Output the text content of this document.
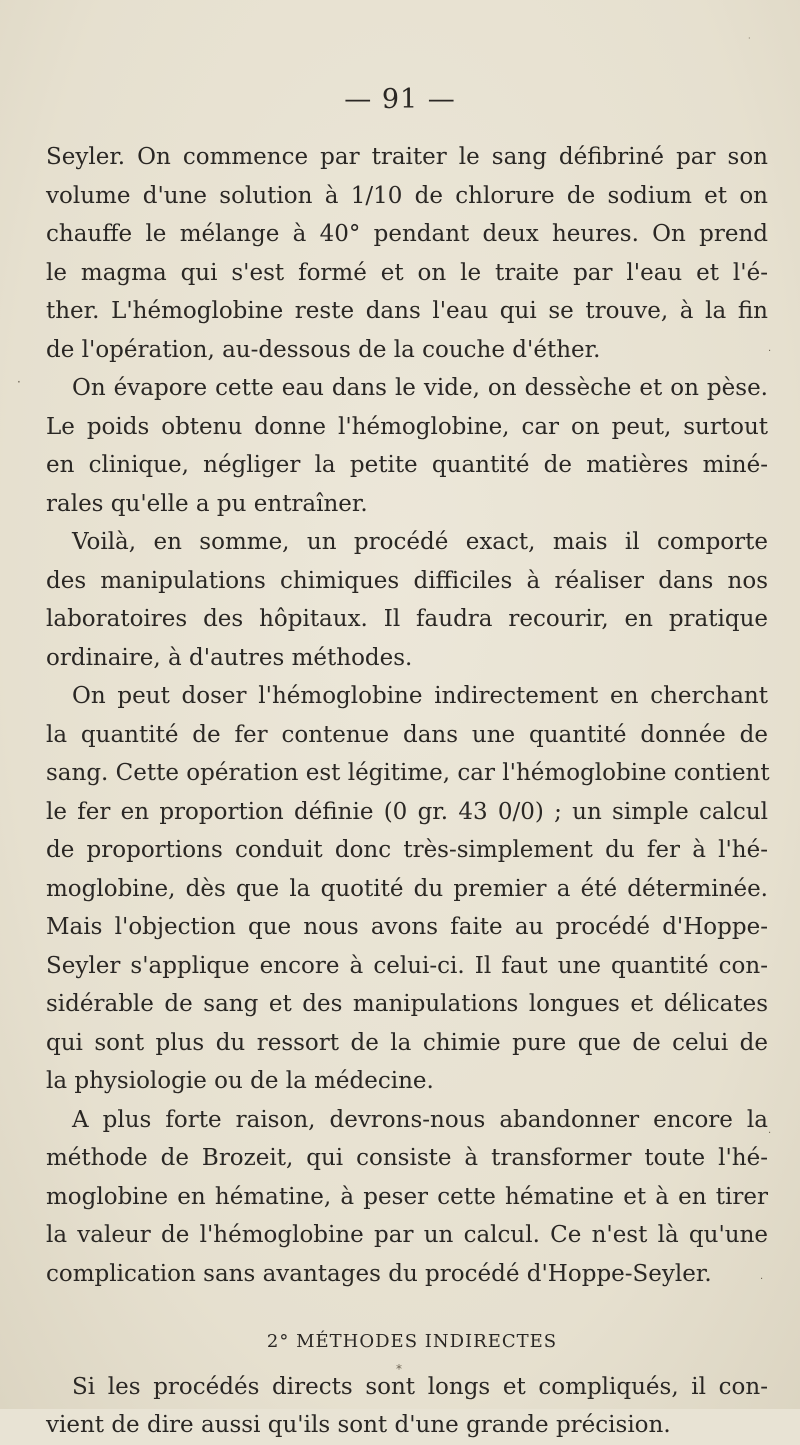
— 91 —
Seyler. On commence par traiter le sang défibriné par son
volume d'une solution à 1/10 de chlorure de sodium et on
chauffe le mélange à 40° pendant deux heures. On prend
le magma qui s'est formé et on le traite par l'eau et l'é-
ther. L'hémoglobine reste dans l'eau qui se trouve, à la fin
de l'opération, au-dessous de la couche d'éther.
On évapore cette eau dans le vide, on dessèche et on pèse.
Le poids obtenu donne l'hémoglobine, car on peut, surtout
en clinique, négliger la petite quantité de matières miné-
rales qu'elle a pu entraîner.
Voilà, en somme, un procédé exact, mais il comporte
des manipulations chimiques difficiles à réaliser dans nos
laboratoires des hôpitaux. Il faudra recourir, en pratique
ordinaire, à d'autres méthodes.
On peut doser l'hémoglobine indirectement en cherchant
la quantité de fer contenue dans une quantité donnée de
sang. Cette opération est légitime, car l'hémoglobine contient
le fer en proportion définie (0 gr. 43 0/0) ; un simple calcul
de proportions conduit donc très-simplement du fer à l'hé-
moglobine, dès que la quotité du premier a été déterminée.
Mais l'objection que nous avons faite au procédé d'Hoppe-
Seyler s'applique encore à celui-ci. Il faut une quantité con-
sidérable de sang et des manipulations longues et délicates
qui sont plus du ressort de la chimie pure que de celui de
la physiologie ou de la médecine.
A plus forte raison, devrons-nous abandonner encore la
méthode de Brozeit, qui consiste à transformer toute l'hé-
moglobine en hématine, à peser cette hématine et à en tirer
la valeur de l'hémoglobine par un calcul. Ce n'est là qu'une
complication sans avantages du procédé d'Hoppe-Seyler.
2° MÉTHODES INDIRECTES
Si les procédés directs sont longs et compliqués, il con-
vient de dire aussi qu'ils sont d'une grande précision.
·
·
·
·
·
*
